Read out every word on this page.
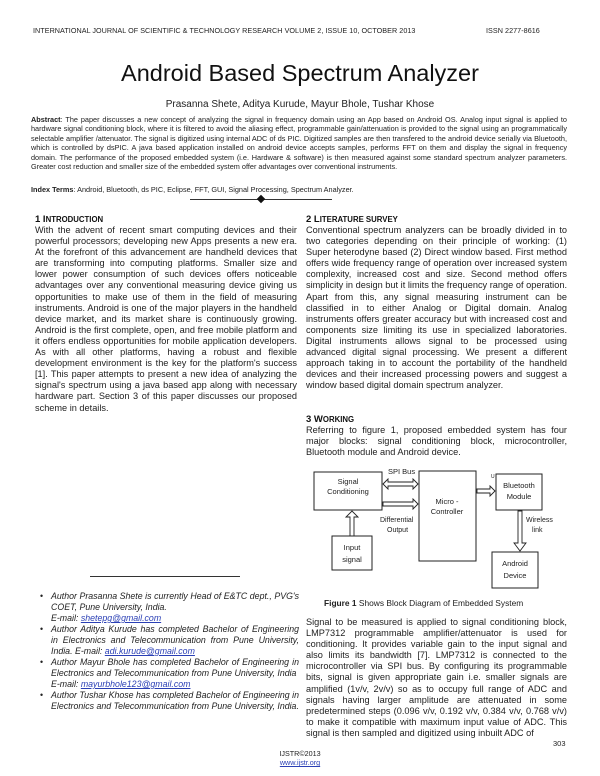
INTERNATIONAL JOURNAL OF SCIENTIFIC & TECHNOLOGY RESEARCH VOLUME 2, ISSUE 10, OCTOBER 2013	ISSN 2277-8616
Android Based Spectrum Analyzer
Prasanna Shete, Aditya Kurude, Mayur Bhole, Tushar Khose
Abstract: The paper discusses a new concept of analyzing the signal in frequency domain using an App based on Android OS. Analog input signal is applied to hardware signal conditioning block, where it is filtered to avoid the aliasing effect, programmable gain/attenuation is provided to the signal using an programmatically selectable amplifier /attenuator. The signal is digitized using internal ADC of ds PIC. Digitized samples are then transfered to the android device serially via Bluetooth, which is controlled by dsPIC. A java based application installed on android device accepts samples, performs FFT on them and display the signal in frequency domain. The performance of the proposed embedded system (i.e. Hardware & software) is then measured against some standard spectrum analyzer parameters. Greater cost reduction and smaller size of the embedded system offer advantages over conventional instruments.
Index Terms: Android, Bluetooth, ds PIC, Eclipse, FFT, GUI, Signal Processing, Spectrum Analyzer.
1 INTRODUCTION
With the advent of recent smart computing devices and their powerful processors; developing new Apps presents a new era. At the forefront of this advancement are handheld devices that are transforming into computing platforms. Smaller size and lower power consumption of such devices offers noticeable advantages over any conventional measuring device giving us opportunities to make use of them in the field of measuring instruments. Android is one of the major players in the handheld device market, and its market share is continuously growing. Android is the first complete, open, and free mobile platform and it offers endless opportunities for mobile application developers. As with all other platforms, having a robust and flexible development environment is the key for the platform's success [1]. This paper attempts to present a new idea of analyzing the signal's spectrum using a java based app along with necessary hardware part. Section 3 of this paper discusses our proposed scheme in details.
• Author Prasanna Shete is currently Head of E&TC dept., PVG's COET, Pune University, India.
E-mail: shetepg@gmail.com
• Author Aditya Kurude has completed Bachelor of Engineering in Electronics and Telecommunication from Pune University, India. E-mail: adi.kurude@gmail.com
• Author Mayur Bhole has completed Bachelor of Engineering in Electronics and Telecommunication from Pune University, India
E-mail: mayurbhole123@gmail.com
• Author Tushar Khose has completed Bachelor of Engineering in Electronics and Telecommunication from Pune University, India.
2 LITERATURE SURVEY
Conventional spectrum analyzers can be broadly divided in to two categories depending on their principle of working: (1) Super heterodyne based (2) Direct window based. First method offers wide frequency range of operation over increased system complexity, increased cost and size. Second method offers simplicity in design but it limits the frequency range of operation. Apart from this, any signal measuring instrument can be classified in to either Analog or Digital domain. Analog instruments offers greater accuracy but with increased cost and components size limiting its use in specialized laboratories. Digital instruments allows signal to be processed using advanced digital signal processing. We present a different approach taking in to account the portability of the handheld devices and their increased processing powers and suggest a window based digital domain spectrum analyzer.
3 WORKING
Referring to figure 1, proposed embedded system has four major blocks: signal conditioning block, microcontroller, Bluetooth module and Android device.
Signal
Conditioning
Input
signal
Micro -
Controller
Bluetooth
Module
Android
Device
SPI Bus
Differential
Output
U
Wireless
link
Figure 1 Shows Block Diagram of Embedded System
Signal to be measured is applied to signal conditioning block, LMP7312 programmable amplifier/attenuator is used for conditioning. It provides variable gain to the input signal and also limits its bandwidth [7]. LMP7312 is connected to the microcontroller via SPI bus. By configuring its programmable bits, signal is given appropriate gain i.e. smaller signals are amplified (1v/v, 2v/v) so as to occupy full range of ADC and signals having larger amplitude are attenuated in some predetermined steps (0.096 v/v, 0.192 v/v, 0.384 v/v, 0.768 v/v) to make it compatible with maximum input value of ADC. This signal is then sampled and digitized using inbuilt ADC of
303
IJSTR©2013
www.ijstr.org
